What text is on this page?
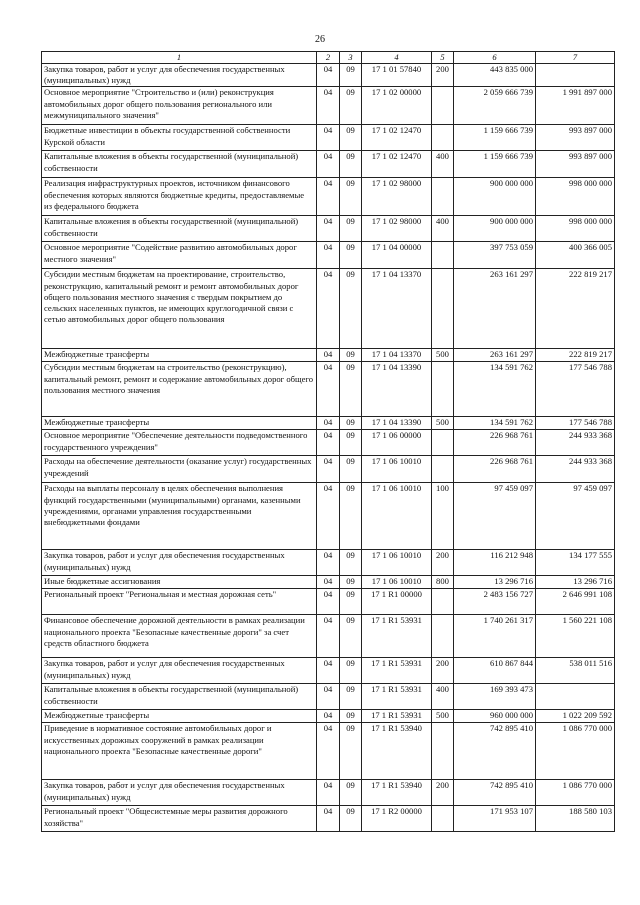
26
1	2	3	4	5	6	7
Закупка товаров, работ и услуг для обеспечения государственных (муниципальных) нужд	04	09	17 1 01 57840	200	443 835 000	
Основное мероприятие "Строительство и (или) реконструкция автомобильных дорог общего пользования регионального или межмуниципального значения"	04	09	17 1 02 00000		2 059 666 739	1 991 897 000
Бюджетные инвестиции в объекты государственной собственности Курской области	04	09	17 1 02 12470		1 159 666 739	993 897 000
Капитальные вложения в объекты государственной (муниципальной) собственности	04	09	17 1 02 12470	400	1 159 666 739	993 897 000
Реализация инфраструктурных проектов, источником финансового обеспечения которых являются бюджетные кредиты, предоставляемые из федерального бюджета	04	09	17 1 02 98000		900 000 000	998 000 000
Капитальные вложения в объекты государственной (муниципальной) собственности	04	09	17 1 02 98000	400	900 000 000	998 000 000
Основное мероприятие "Содействие развитию автомобильных дорог местного значения"	04	09	17 1 04 00000		397 753 059	400 366 005
Субсидии местным бюджетам на проектирование, строительство, реконструкцию, капитальный ремонт и ремонт автомобильных дорог общего пользования местного значения с твердым покрытием до сельских населенных пунктов, не имеющих круглогодичной связи с сетью автомобильных дорог общего пользования	04	09	17 1 04 13370		263 161 297	222 819 217
Межбюджетные трансферты	04	09	17 1 04 13370	500	263 161 297	222 819 217
Субсидии местным бюджетам на строительство (реконструкцию), капитальный ремонт, ремонт и содержание автомобильных дорог общего пользования местного значения	04	09	17 1 04 13390		134 591 762	177 546 788
Межбюджетные трансферты	04	09	17 1 04 13390	500	134 591 762	177 546 788
Основное мероприятие "Обеспечение деятельности подведомственного государственного учреждения"	04	09	17 1 06 00000		226 968 761	244 933 368
Расходы на обеспечение деятельности (оказание услуг) государственных учреждений	04	09	17 1 06 10010		226 968 761	244 933 368
Расходы на выплаты персоналу в целях обеспечения выполнения функций государственными (муниципальными) органами, казенными учреждениями, органами управления государственными внебюджетными фондами	04	09	17 1 06 10010	100	97 459 097	97 459 097
Закупка товаров, работ и услуг для обеспечения государственных (муниципальных) нужд	04	09	17 1 06 10010	200	116 212 948	134 177 555
Иные бюджетные ассигнования	04	09	17 1 06 10010	800	13 296 716	13 296 716
Региональный проект "Региональная и местная дорожная сеть"	04	09	17 1 R1 00000		2 483 156 727	2 646 991 108
Финансовое обеспечение дорожной деятельности в рамках реализации национального проекта "Безопасные качественные дороги" за счет средств областного бюджета	04	09	17 1 R1 53931		1 740 261 317	1 560 221 108
Закупка товаров, работ и услуг для обеспечения государственных (муниципальных) нужд	04	09	17 1 R1 53931	200	610 867 844	538 011 516
Капитальные вложения в объекты государственной (муниципальной) собственности	04	09	17 1 R1 53931	400	169 393 473	
Межбюджетные трансферты	04	09	17 1 R1 53931	500	960 000 000	1 022 209 592
Приведение в нормативное состояние автомобильных дорог и искусственных дорожных сооружений в рамках реализации национального проекта "Безопасные качественные дороги"	04	09	17 1 R1 53940		742 895 410	1 086 770 000
Закупка товаров, работ и услуг для обеспечения государственных (муниципальных) нужд	04	09	17 1 R1 53940	200	742 895 410	1 086 770 000
Региональный проект "Общесистемные меры развития дорожного хозяйства"	04	09	17 1 R2 00000		171 953 107	188 580 103
